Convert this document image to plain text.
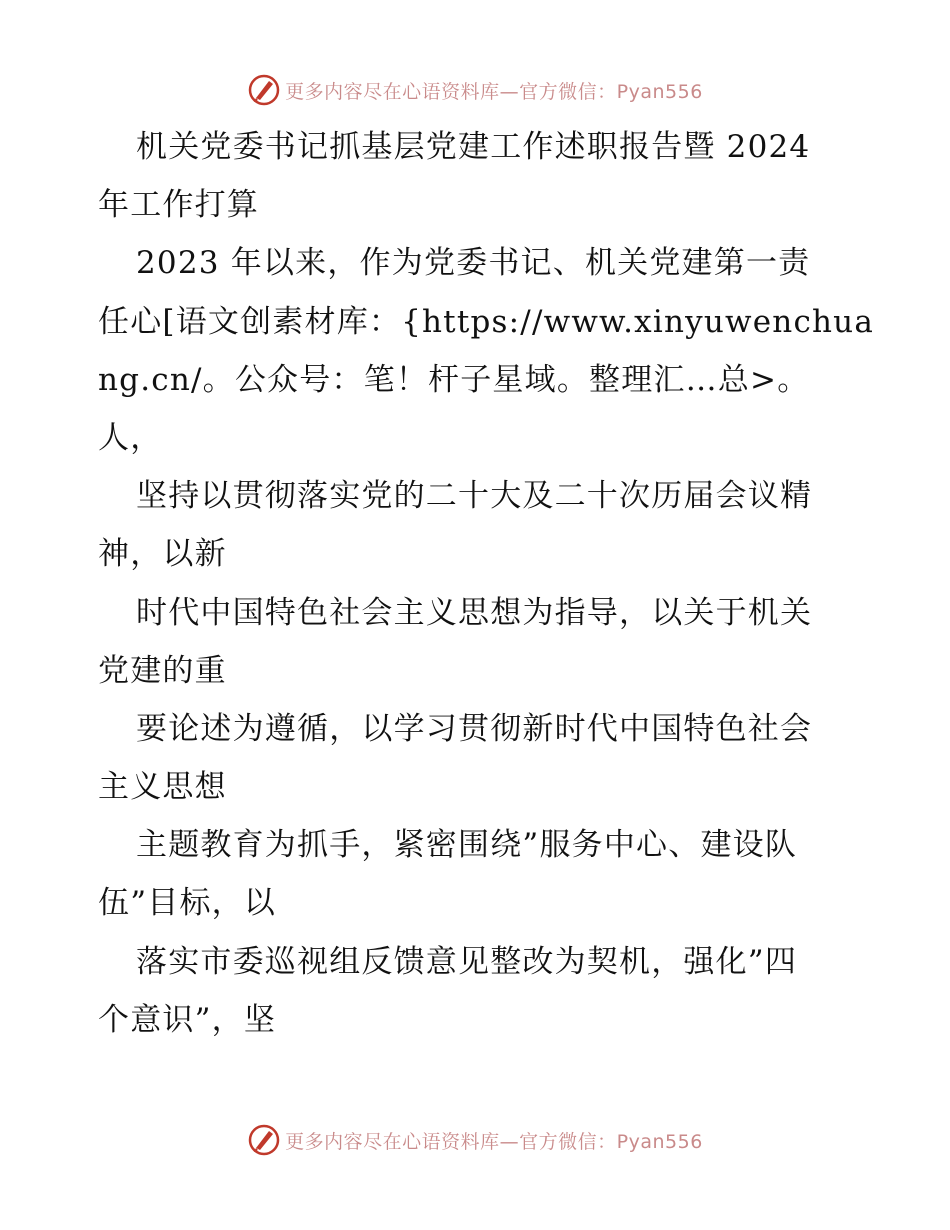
更多内容尽在心语资料库—官方微信：Pyan556
机关党委书记抓基层党建工作述职报告暨 2024
年工作打算
2023 年以来，作为党委书记、机关党建第一责
任心[语文创素材库：{https://www.xinyuwenchua
ng.cn/。公众号：笔！杆子星域。整理汇…总>。
人，
坚持以贯彻落实党的二十大及二十次历届会议精
神，以新
时代中国特色社会主义思想为指导，以关于机关
党建的重
要论述为遵循，以学习贯彻新时代中国特色社会
主义思想
主题教育为抓手，紧密围绕”服务中心、建设队
伍”目标，以
落实市委巡视组反馈意见整改为契机，强化”四
个意识”，坚
更多内容尽在心语资料库—官方微信：Pyan556
